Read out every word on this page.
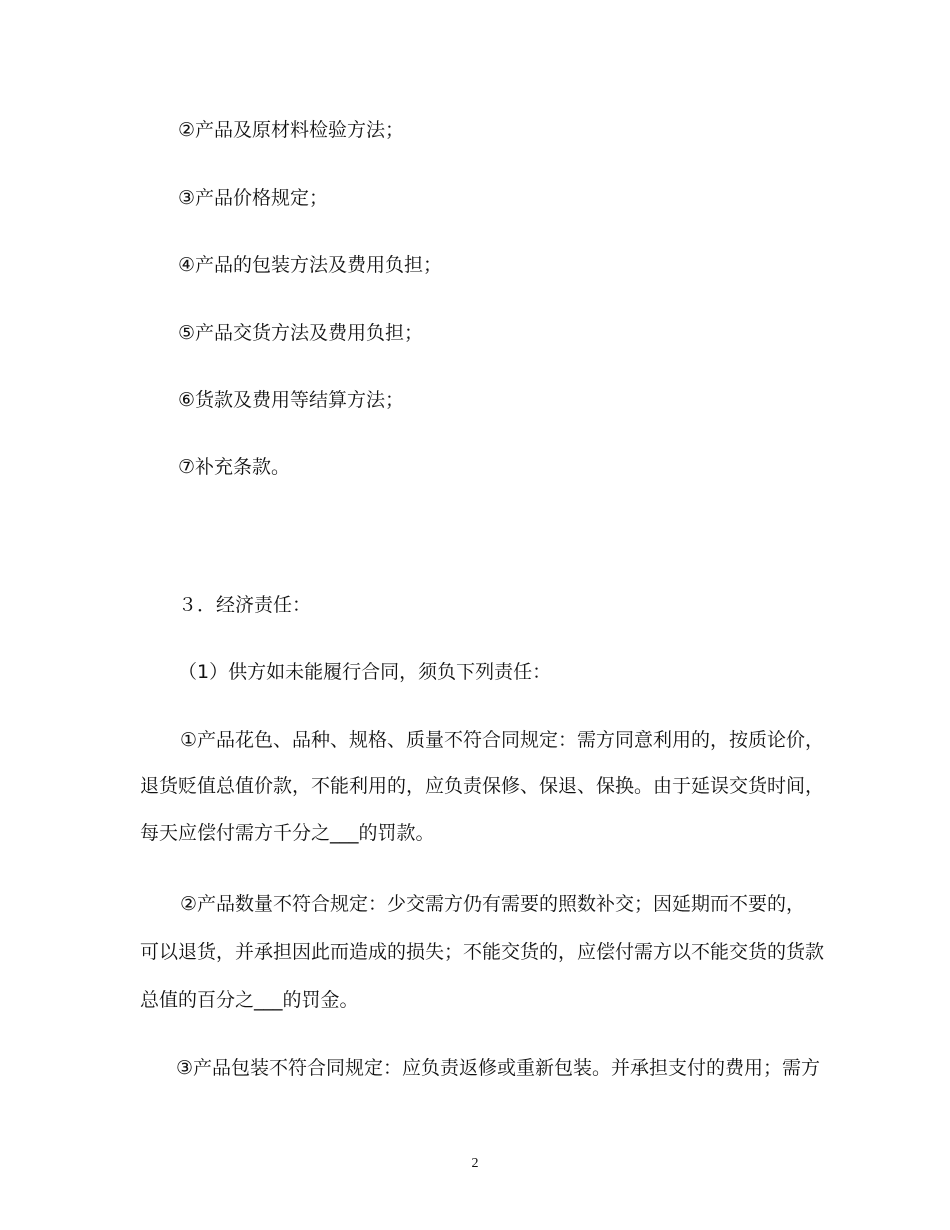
②产品及原材料检验方法；
③产品价格规定；
④产品的包装方法及费用负担；
⑤产品交货方法及费用负担；
⑥货款及费用等结算方法；
⑦补充条款。
３．经济责任：
（1）供方如未能履行合同，须负下列责任：
①产品花色、品种、规格、质量不符合同规定：需方同意利用的，按质论价，
退货贬值总值价款，不能利用的，应负责保修、保退、保换。由于延误交货时间，
每天应偿付需方千分之___的罚款。
②产品数量不符合规定：少交需方仍有需要的照数补交；因延期而不要的，
可以退货，并承担因此而造成的损失；不能交货的，应偿付需方以不能交货的货款
总值的百分之___的罚金。
③产品包装不符合同规定：应负责返修或重新包装。并承担支付的费用；需方
2
